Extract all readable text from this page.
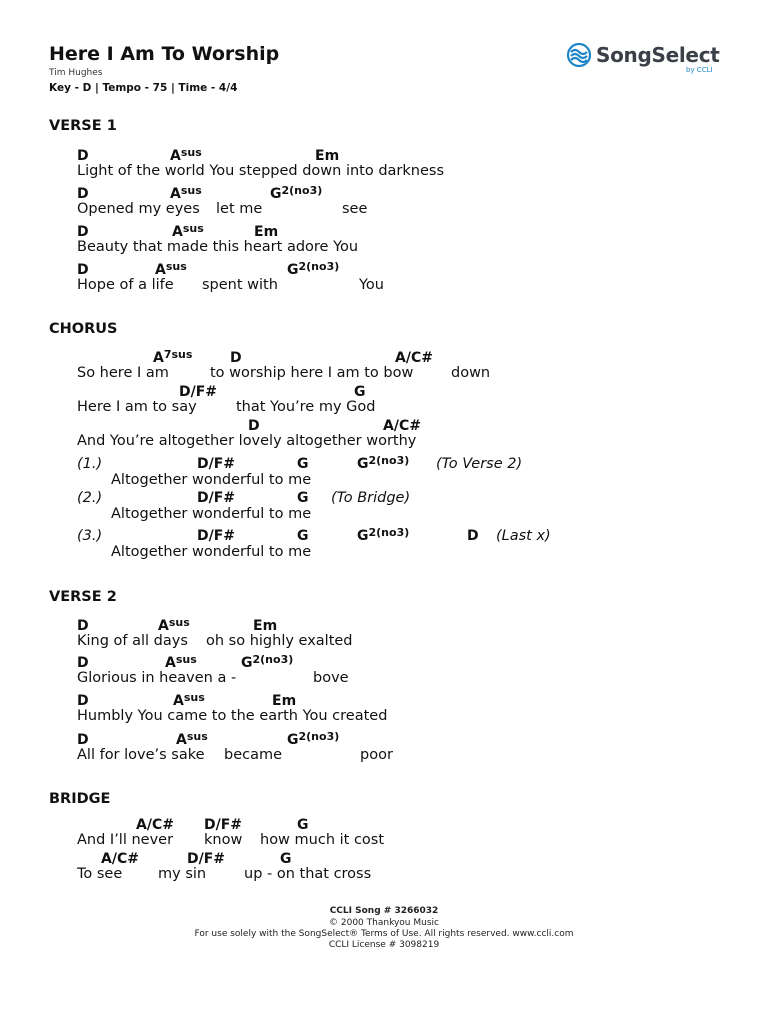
Here I Am To Worship
Tim Hughes
Key - D | Tempo - 75 | Time - 4/4

SongSelect

by CCLI

VERSE 1
D	$A^{sus}$	Em
Light of the world You stepped down into darkness
D	$A^{sus}$	$G^{2(no3)}$
Opened my eyes let me	see
D	$A^{sus}$	Em
Beauty that made this heart adore You
D	$A^{sus}$	$G^{2(no3)}$
Hope of a life spent with	You
CHORUS
$A^{7sus}$	D	A/C#
So here I am	to worship here I am to bow	down
D/F#	G
Here I am to say	that You’re my God
D	A/C#
And You’re altogether lovely altogether worthy
(1.)	D/F#	G	$G^{2(no3)}$ (To Verse 2)
Altogether wonderful to me
(2.)	D/F#	G (To Bridge)
Altogether wonderful to me
(3.)	D/F#	G	$G^{2(no3)}$	D (Last x)
Altogether wonderful to me
VERSE 2
D	$A^{sus}$	Em
King of all days oh so highly exalted
D	$A^{sus}$	$G^{2(no3)}$
Glorious in heaven a -	bove
D	$A^{sus}$	Em
Humbly You came to the earth You created
D	$A^{sus}$	$G^{2(no3)}$
All for love’s sake became	poor
BRIDGE
A/C# D/F#	G
And I’ll never know how much it cost
A/C#	D/F#	G
To see my sin	up - on that cross
CCLI Song # 3266032
© 2000 Thankyou Music
For use solely with the SongSelect® Terms of Use. All rights reserved. www.ccli.com
CCLI License # 3098219
